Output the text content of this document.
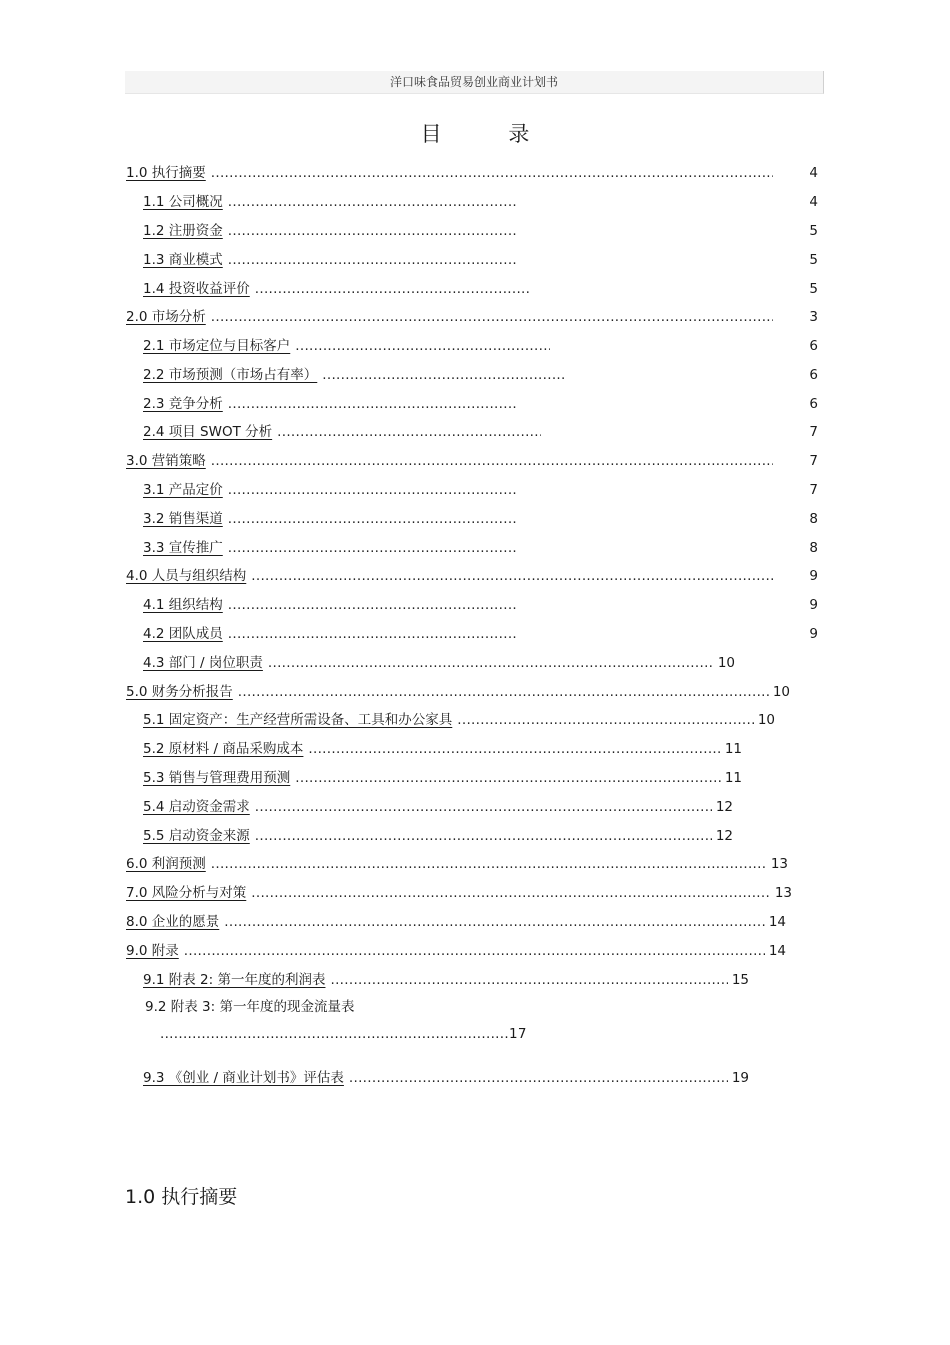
洋口味食品贸易创业商业计划书
目 录
1.0 执行摘要 .....	4
1.1 公司概况 .....	4
1.2 注册资金 .....	5
1.3 商业模式 .....	5
1.4 投资收益评价 .....	5
2.0 市场分析 .....	3
2.1 市场定位与目标客户 .....	6
2.2 市场预测（市场占有率） .....	6
2.3 竞争分析 .....	6
2.4 项目 SWOT 分析 .....	7
3.0 营销策略 .....	7
3.1 产品定价 .....	7
3.2 销售渠道 .....	8
3.3 宣传推广 .....	8
4.0 人员与组织结构 .....	9
4.1 组织结构 .....	9
4.2 团队成员 .....	9
4.3 部门 / 岗位职责 .....	10
5.0 财务分析报告 .....	10
5.1 固定资产：生产经营所需设备、工具和办公家具 .....	10
5.2 原材料 / 商品采购成本 .....	11
5.3 销售与管理费用预测 .....	11
5.4 启动资金需求 .....	12
5.5 启动资金来源 .....	12
6.0 利润预测 .....	13
7.0 风险分析与对策 .....	13
8.0 企业的愿景 .....	14
9.0 附录 .....	14
9.1 附表 2: 第一年度的利润表 .....	15
9.2 附表 3: 第一年度的现金流量表
............................................................................17
9.3 《创业 / 商业计划书》评估表 .....	19
1.0 执行摘要
